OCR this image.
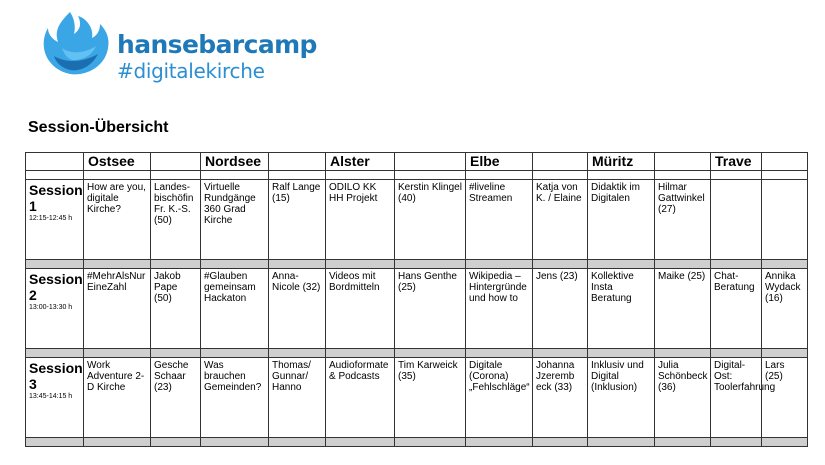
hansebarcamp
#digitalekirche
Session-Übersicht
	Ostsee		Nordsee		Alster		Elbe		Müritz		Trave	

Session 1
12:15-12:45 h	How are you, digitale Kirche?	Landes-bischöfin Fr. K.-S. (50)	Virtuelle Rundgänge 360 Grad Kirche	Ralf Lange (15)	ODILO KK HH Projekt	Kerstin Klingel (40)	#liveline Streamen	Katja von K. / Elaine	Didaktik im Digitalen	Hilmar Gattwinkel (27)		

Session 2
13:00-13:30 h	#MehrAlsNur EineZahl	Jakob Pape (50)	#Glauben gemeinsam Hackaton	Anna-Nicole (32)	Videos mit Bordmitteln	Hans Genthe (25)	Wikipedia – Hintergründe und how to	Jens (23)	Kollektive Insta Beratung	Maike (25)	Chat-Beratung	Annika Wydack (16)

Session 3
13:45-14:15 h	Work Adventure 2-D Kirche	Gesche Schaar (23)	Was brauchen Gemeinden?	Thomas/ Gunnar/ Hanno	Audioformate & Podcasts	Tim Karweick (35)	Digitale (Corona) „Fehlschläge“	Johanna Jzeremb eck (33)	Inklusiv und Digital (Inklusion)	Julia Schönbeck (36)	Digital-Ost: Toolerfahrung	Lars (25)
